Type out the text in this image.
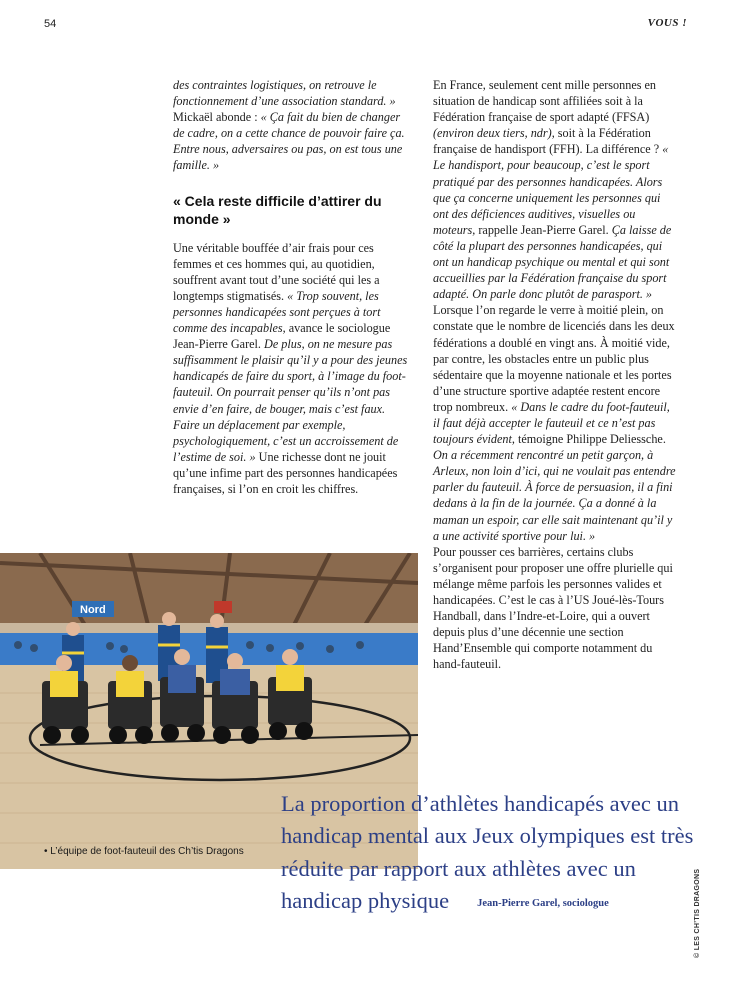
54	VOUS !

des contraintes logistiques, on retrouve le fonctionnement d’une association standard. » Mickaël abonde : « Ça fait du bien de changer de cadre, on a cette chance de pouvoir faire ça. Entre nous, adversaires ou pas, on est tous une famille. »

« Cela reste difficile d’attirer du monde »

Une véritable bouffée d’air frais pour ces femmes et ces hommes qui, au quotidien, souffrent avant tout d’une société qui les a longtemps stigmatisés. « Trop souvent, les personnes handicapées sont perçues à tort comme des incapables, avance le sociologue Jean-Pierre Garel. De plus, on ne mesure pas suffisamment le plaisir qu’il y a pour des jeunes handicapés de faire du sport, à l’image du foot-fauteuil. On pourrait penser qu’ils n’ont pas envie d’en faire, de bouger, mais c’est faux. Faire un déplacement par exemple, psychologiquement, c’est un accroissement de l’estime de soi. » Une richesse dont ne jouit qu’une infime part des personnes handicapées françaises, si l’on en croit les chiffres.

En France, seulement cent mille personnes en situation de handicap sont affiliées soit à la Fédération française de sport adapté (FFSA) (environ deux tiers, ndr), soit à la Fédération française de handisport (FFH). La différence ? « Le handisport, pour beaucoup, c’est le sport pratiqué par des personnes handicapées. Alors que ça concerne uniquement les personnes qui ont des déficiences auditives, visuelles ou moteurs, rappelle Jean-Pierre Garel. Ça laisse de côté la plupart des personnes handicapées, qui ont un handicap psychique ou mental et qui sont accueillies par la Fédération française du sport adapté. On parle donc plutôt de parasport. »

Lorsque l’on regarde le verre à moitié plein, on constate que le nombre de licenciés dans les deux fédérations a doublé en vingt ans. À moitié vide, par contre, les obstacles entre un public plus sédentaire que la moyenne nationale et les portes d’une structure sportive adaptée restent encore trop nombreux. « Dans le cadre du foot-fauteuil, il faut déjà accepter le fauteuil et ce n’est pas toujours évident, témoigne Philippe Deliessche. On a récemment rencontré un petit garçon, à Arleux, non loin d’ici, qui ne voulait pas entendre parler du fauteuil. À force de persuasion, il a fini dedans à la fin de la journée. Ça a donné à la maman un espoir, car elle sait maintenant qu’il y a une activité sportive pour lui. »

Pour pousser ces barrières, certains clubs s’organisent pour proposer une offre plurielle qui mélange même parfois les personnes valides et handicapées. C’est le cas à l’US Joué-lès-Tours Handball, dans l’Indre-et-Loire, qui a ouvert depuis plus d’une décennie une section Hand’Ensemble qui comporte notamment du hand-fauteuil.

Nord
• L’équipe de foot-fauteuil des Ch’tis Dragons
La proportion d’athlètes handicapés avec un handicap mental aux Jeux olympiques est très réduite par rapport aux athlètes avec un handicap physique	Jean-Pierre Garel, sociologue	© LES CH’TIS DRAGONS
